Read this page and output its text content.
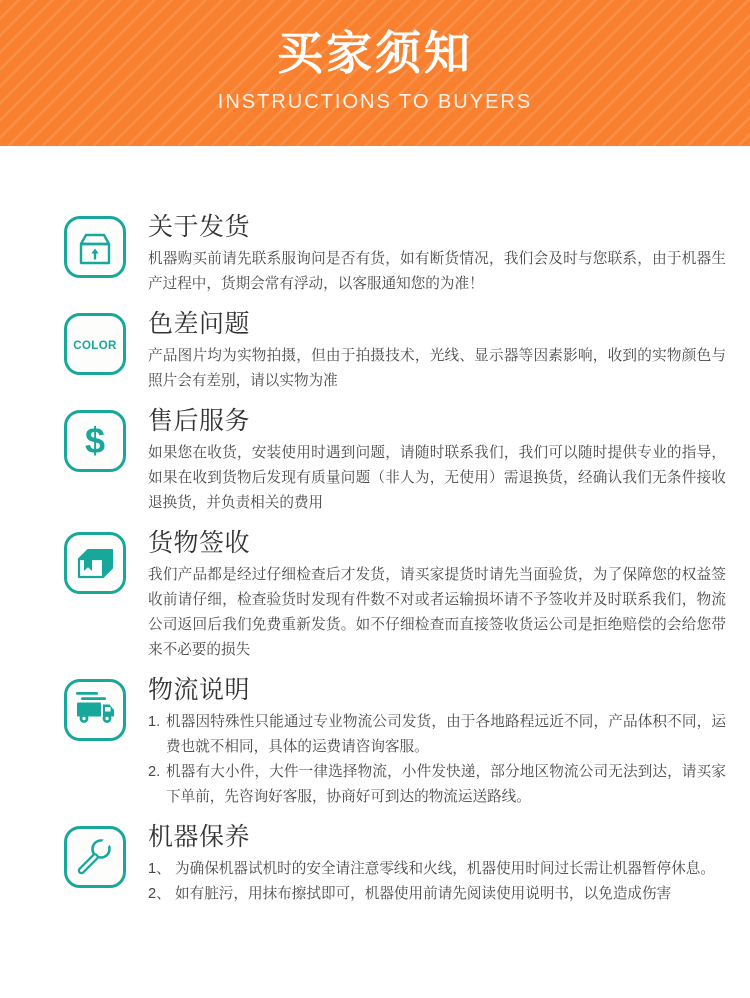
买家须知
INSTRUCTIONS TO BUYERS
关于发货
机器购买前请先联系服询问是否有货，如有断货情况，我们会及时与您联系，由于机器生产过程中，货期会常有浮动，以客服通知您的为准！
COLOR
色差问题
产品图片均为实物拍摄，但由于拍摄技术，光线、显示器等因素影响，收到的实物颜色与照片会有差别，请以实物为准
$ 售后服务
如果您在收货，安装使用时遇到问题，请随时联系我们，我们可以随时提供专业的指导，如果在收到货物后发现有质量问题（非人为，无使用）需退换货，经确认我们无条件接收退换货，并负责相关的费用
货物签收
我们产品都是经过仔细检查后才发货，请买家提货时请先当面验货，为了保障您的权益签收前请仔细，检查验货时发现有件数不对或者运输损坏请不予签收并及时联系我们，物流公司返回后我们免费重新发货。如不仔细检查而直接签收货运公司是拒绝赔偿的会给您带来不必要的损失
物流说明
1. 机器因特殊性只能通过专业物流公司发货，由于各地路程远近不同，产品体积不同，运费也就不相同，具体的运费请咨询客服。
2. 机器有大小件，大件一律选择物流，小件发快递，部分地区物流公司无法到达，请买家下单前，先咨询好客服，协商好可到达的物流运送路线。
机器保养
1、 为确保机器试机时的安全请注意零线和火线，机器使用时间过长需让机器暂停休息。
2、 如有脏污，用抹布擦拭即可，机器使用前请先阅读使用说明书，以免造成伤害
